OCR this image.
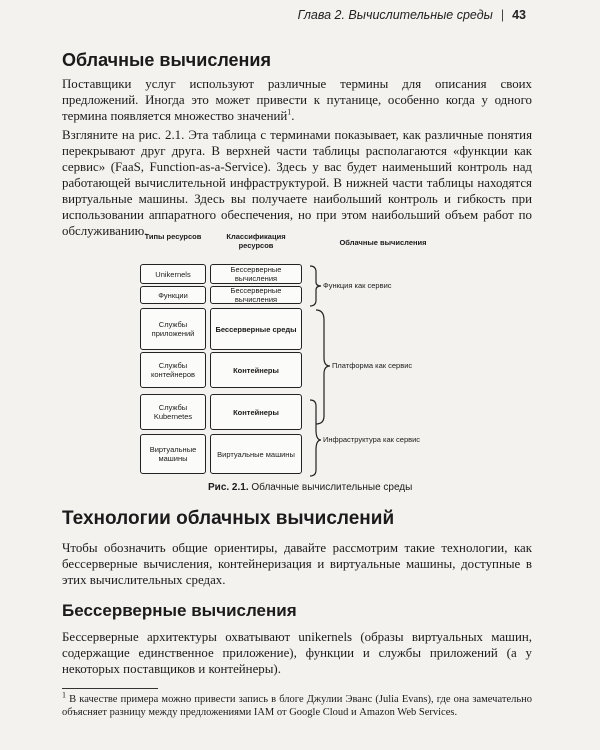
Глава 2. Вычислительные среды | 43
Облачные вычисления

Поставщики услуг используют различные термины для описания своих предложений. Иногда это может привести к путанице, особенно когда у одного термина появляется множество значений$^1$.

Взгляните на рис. 2.1. Эта таблица с терминами показывает, как различные понятия перекрывают друг друга. В верхней части таблицы располагаются «функции как сервис» (FaaS, Function-as-a-Service). Здесь у вас будет наименьший контроль над работающей вычислительной инфраструктурой. В нижней части таблицы находятся виртуальные машины. Здесь вы получаете наибольший контроль и гибкость при использовании аппаратного обеспечения, но при этом наибольший объем работ по обслуживанию.

Типы ресурсов	Классификация ресурсов	Облачные вычисления
Unikernels
Функции
Службы приложений
Службы контейнеров
Службы Kubernetes
Виртуальные машины
Бессерверные вычисления
Бессерверные вычисления
Бессерверные среды
Контейнеры
Контейнеры
Виртуальные машины
Функция как сервис
Платформа как сервис
Инфраструктура как сервис
Рис. 2.1. Облачные вычислительные среды
Технологии облачных вычислений

Чтобы обозначить общие ориентиры, давайте рассмотрим такие технологии, как бессерверные вычисления, контейнеризация и виртуальные машины, доступные в этих вычислительных средах.

Бессерверные вычисления

Бессерверные архитектуры охватывают unikernels (образы виртуальных машин, содержащие единственное приложение), функции и службы приложений (а у некоторых поставщиков и контейнеры).

$^1$ В качестве примера можно привести запись в блоге Джулии Эванс (Julia Evans), где она замечательно объясняет разницу между предложениями IAM от Google Cloud и Amazon Web Services.
